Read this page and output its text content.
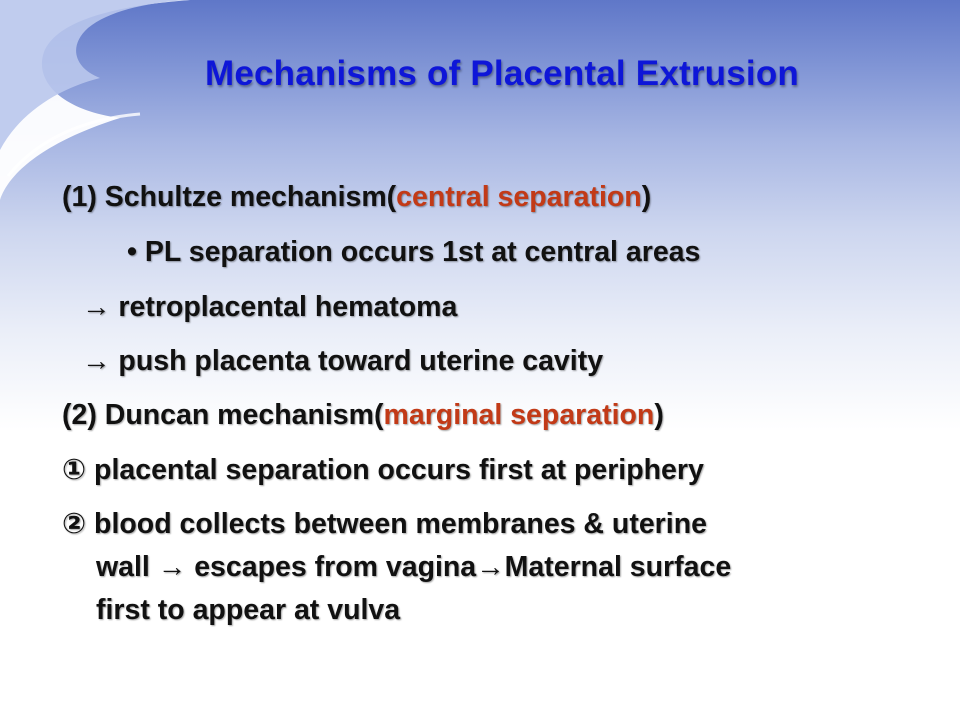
Mechanisms of Placental Extrusion

(1) Schultze mechanism(central separation)

• PL separation occurs 1st at central areas

→ retroplacental hematoma

→ push placenta toward uterine cavity

(2) Duncan mechanism(marginal separation)

① placental separation occurs first at periphery

② blood collects between membranes & uterine

wall → escapes from vagina→Maternal surface

first to appear at vulva
